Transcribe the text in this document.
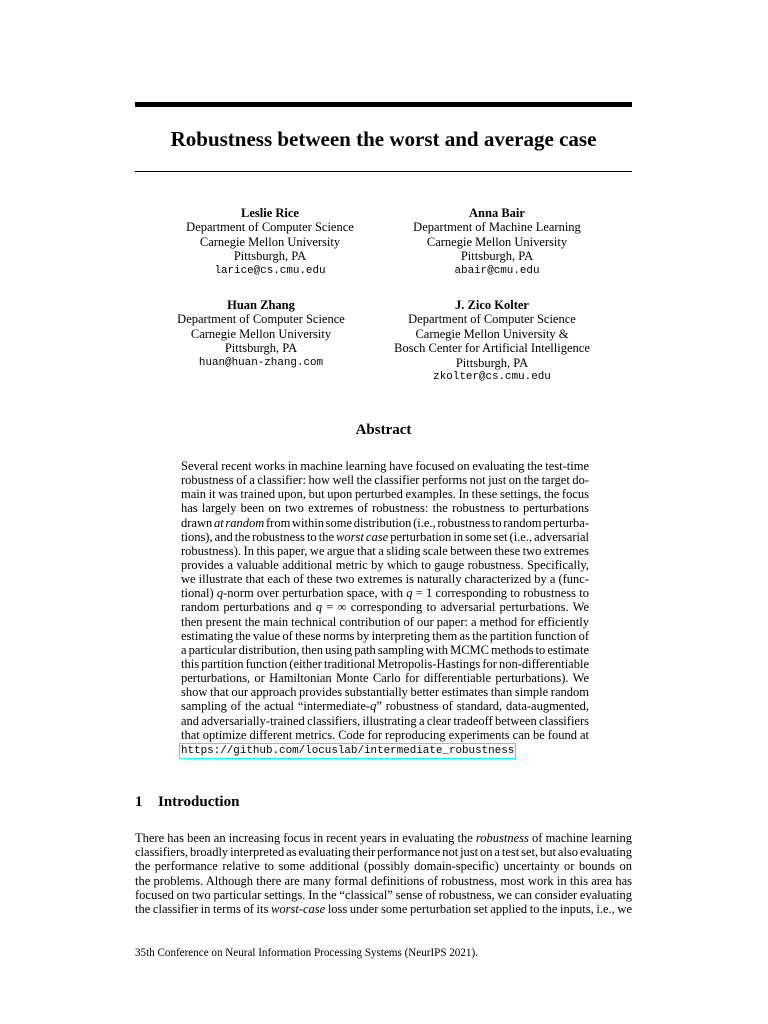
Robustness between the worst and average case
Leslie Rice
Department of Computer Science
Carnegie Mellon University
Pittsburgh, PA
larice@cs.cmu.edu
Anna Bair
Department of Machine Learning
Carnegie Mellon University
Pittsburgh, PA
abair@cmu.edu
Huan Zhang
Department of Computer Science
Carnegie Mellon University
Pittsburgh, PA
huan@huan-zhang.com
J. Zico Kolter
Department of Computer Science
Carnegie Mellon University &
Bosch Center for Artificial Intelligence
Pittsburgh, PA
zkolter@cs.cmu.edu
Abstract
Several recent works in machine learning have focused on evaluating the test-time
robustness of a classifier: how well the classifier performs not just on the target do-
main it was trained upon, but upon perturbed examples. In these settings, the focus
has largely been on two extremes of robustness: the robustness to perturbations
drawn at random from within some distribution (i.e., robustness to random perturba-
tions), and the robustness to the worst case perturbation in some set (i.e., adversarial
robustness). In this paper, we argue that a sliding scale between these two extremes
provides a valuable additional metric by which to gauge robustness. Specifically,
we illustrate that each of these two extremes is naturally characterized by a (func-
tional) q-norm over perturbation space, with q = 1 corresponding to robustness to
random perturbations and q = ∞ corresponding to adversarial perturbations. We
then present the main technical contribution of our paper: a method for efficiently
estimating the value of these norms by interpreting them as the partition function of
a particular distribution, then using path sampling with MCMC methods to estimate
this partition function (either traditional Metropolis-Hastings for non-differentiable
perturbations, or Hamiltonian Monte Carlo for differentiable perturbations). We
show that our approach provides substantially better estimates than simple random
sampling of the actual “intermediate-q” robustness of standard, data-augmented,
and adversarially-trained classifiers, illustrating a clear tradeoff between classifiers
that optimize different metrics. Code for reproducing experiments can be found at
https://github.com/locuslab/intermediate_robustness
1 Introduction
There has been an increasing focus in recent years in evaluating the robustness of machine learning
classifiers, broadly interpreted as evaluating their performance not just on a test set, but also evaluating
the performance relative to some additional (possibly domain-specific) uncertainty or bounds on
the problems. Although there are many formal definitions of robustness, most work in this area has
focused on two particular settings. In the “classical” sense of robustness, we can consider evaluating
the classifier in terms of its worst-case loss under some perturbation set applied to the inputs, i.e., we
35th Conference on Neural Information Processing Systems (NeurIPS 2021).
